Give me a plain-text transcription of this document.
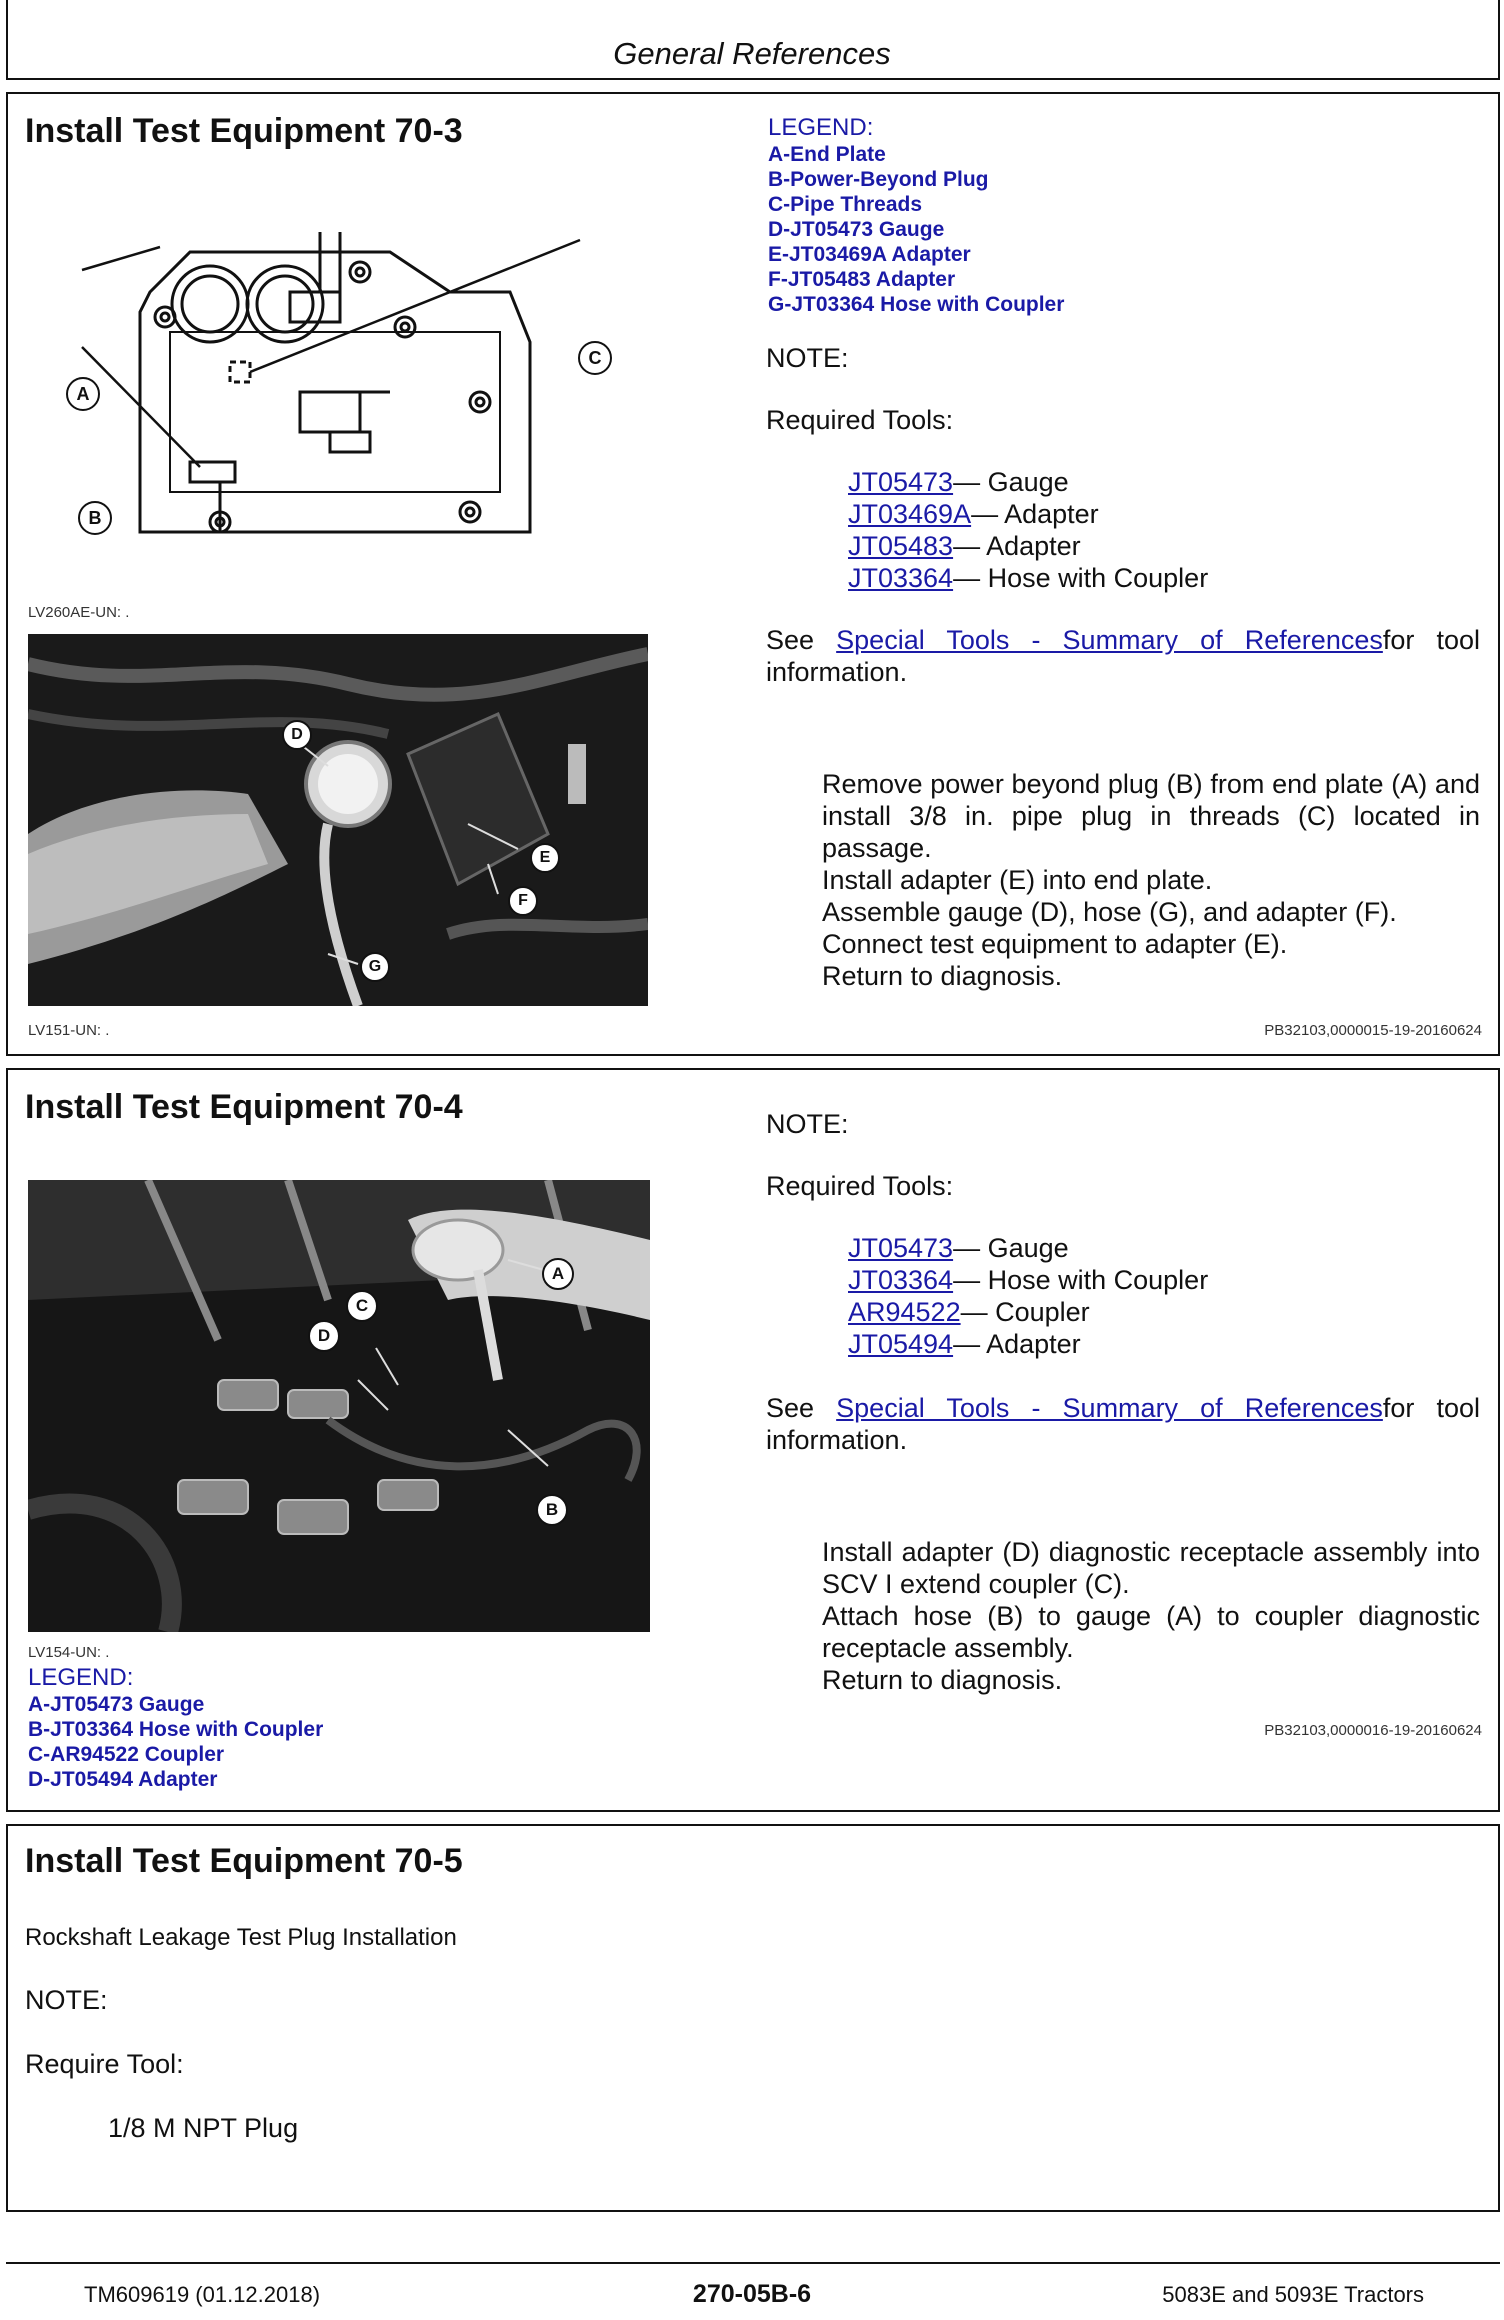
General References
Install Test Equipment 70-3	LEGEND:
A-End Plate
B-Power-Beyond Plug
C-Pipe Threads
D-JT05473 Gauge
E-JT03469A Adapter
F-JT05483 Adapter
G-JT03364 Hose with Coupler
A
B
C
LV260AE-UN: .
D
E
F
G
LV151-UN: .
NOTE:
Required Tools:
JT05473— Gauge
JT03469A— Adapter
JT05483— Adapter
JT03364— Hose with Coupler
See Special Tools - Summary of Referencesfor tool information.
Remove power beyond plug (B) from end plate (A) and install 3/8 in. pipe plug in threads (C) located in passage.
Install adapter (E) into end plate.
Assemble gauge (D), hose (G), and adapter (F).
Connect test equipment to adapter (E).
Return to diagnosis.
PB32103,0000015-19-20160624
Install Test Equipment 70-4
A
B
C
D
LV154-UN: .
LEGEND:
A-JT05473 Gauge
B-JT03364 Hose with Coupler
C-AR94522 Coupler
D-JT05494 Adapter
NOTE:
Required Tools:
JT05473— Gauge
JT03364— Hose with Coupler
AR94522— Coupler
JT05494— Adapter
See Special Tools - Summary of Referencesfor tool information.
Install adapter (D) diagnostic receptacle assembly into SCV I extend coupler (C).
Attach hose (B) to gauge (A) to coupler diagnostic receptacle assembly.
Return to diagnosis.
PB32103,0000016-19-20160624
Install Test Equipment 70-5
Rockshaft Leakage Test Plug Installation
NOTE:
Require Tool:
1/8 M NPT Plug
TM609619 (01.12.2018)	270-05B-6	5083E and 5093E Tractors
